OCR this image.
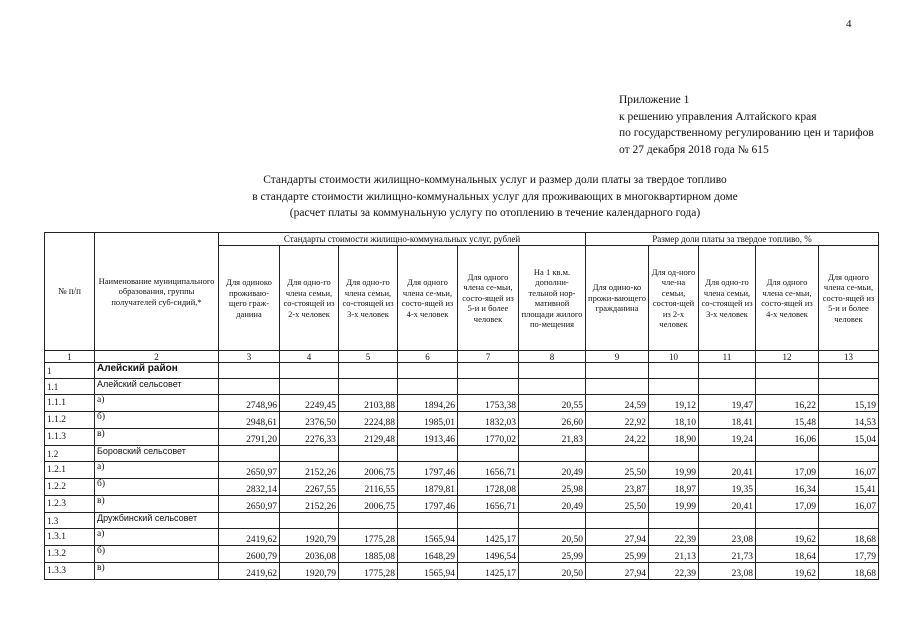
4
Приложение 1
к решению управления Алтайского края
по государственному регулированию цен и тарифов
от 27 декабря 2018 года № 615
Стандарты стоимости жилищно-коммунальных услуг и размер доли платы за твердое топливо
в стандарте стоимости жилищно-коммунальных услуг для проживающих в многоквартирном доме
(расчет платы за коммунальную услугу по отоплению в течение календарного года)
№ п/п	Наименование муниципального образования, группы получателей суб-сидий,*	Стандарты стоимости жилищно-коммунальных услуг, рублей						Размер доли платы за твердое топливо, %				
		Для одиноко проживаю-щего граж-данина	Для одно-го члена семьи, со-стоящей из 2-х человек	Для одно-го члена семьи, со-стоящей из 3-х человек	Для одного члена се-мьи, состо-ящей из 4-х человек	Для одного члена се-мьи, состо-ящей из 5-и и более человек	На 1 кв.м. дополни-тельной нор-мативной площади жилого по-мещения	Для одино-ко прожи-вающего гражданина	Для од-ного чле-на семьи, состоя-щей из 2-х человек	Для одно-го члена семьи, со-стоящей из 3-х человек	Для одного члена се-мьи, состо-ящей из 4-х человек	Для одного члена се-мьи, состо-ящей из 5-и и более человек
1	2	3	4	5	6	7	8	9	10	11	12	13
1	Алейский район											
1.1	Алейский сельсовет											
1.1.1	а)	2748,96	2249,45	2103,88	1894,26	1753,38	20,55	24,59	19,12	19,47	16,22	15,19
1.1.2	б)	2948,61	2376,50	2224,88	1985,01	1832,03	26,60	22,92	18,10	18,41	15,48	14,53
1.1.3	в)	2791,20	2276,33	2129,48	1913,46	1770,02	21,83	24,22	18,90	19,24	16,06	15,04
1.2	Боровский сельсовет											
1.2.1	а)	2650,97	2152,26	2006,75	1797,46	1656,71	20,49	25,50	19,99	20,41	17,09	16,07
1.2.2	б)	2832,14	2267,55	2116,55	1879,81	1728,08	25,98	23,87	18,97	19,35	16,34	15,41
1.2.3	в)	2650,97	2152,26	2006,75	1797,46	1656,71	20,49	25,50	19,99	20,41	17,09	16,07
1.3	Дружбинский сельсовет											
1.3.1	а)	2419,62	1920,79	1775,28	1565,94	1425,17	20,50	27,94	22,39	23,08	19,62	18,68
1.3.2	б)	2600,79	2036,08	1885,08	1648,29	1496,54	25,99	25,99	21,13	21,73	18,64	17,79
1.3.3	в)	2419,62	1920,79	1775,28	1565,94	1425,17	20,50	27,94	22,39	23,08	19,62	18,68
